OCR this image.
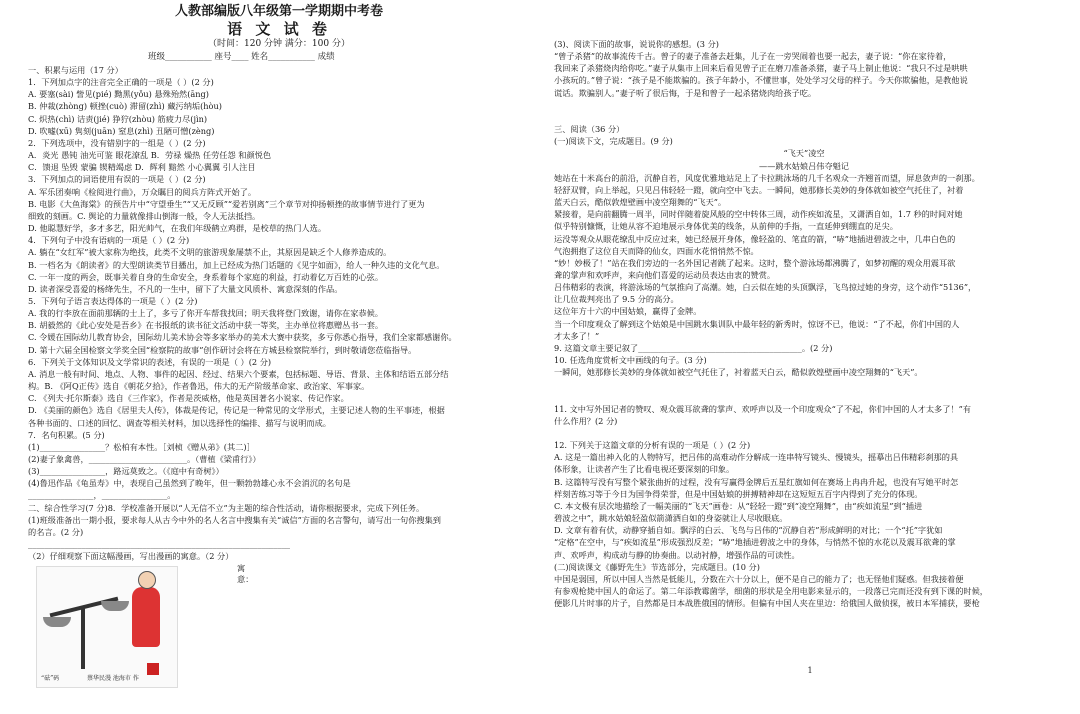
人教部编版八年级第一学期期中考卷

语 文 试 卷

（时间：120 分钟 满分：100 分）

班级___________ 座号____ 姓名___________ 成绩

一、积累与运用（17 分）

1．下列加点字的注音完全正确的一项是（ ）(2 分)

A. 要塞(sài) 訾见(pié) 黝黑(yǒu) 悬殊殆然(āng)

B. 仲裁(zhòng) 顿挫(cuò) 滞留(zhì) 藏污纳垢(hòu)

C. 炽热(chì) 诘责(jié) 狰狞(zhòu) 筋疲力尽(jìn)

D. 吹嘘(xū) 隽刻(juān) 窒息(zhì) 丑陋可憎(zèng)

2．下列选项中，没有错别字的一组是（ ）(2 分)

A．炎光 愚钝 油光可鉴 眼花潦乱 B．劳禄 燥热 任劳任怨 和颜悦色

C．馈退 坠毁 蒙骗 锲精竭虑 D．辉利 黯然 小心翼翼 引人注目

3．下列加点的词语使用有误的一项是（ ）(2 分)

A. 军乐团奏响《检阅进行曲》，万众瞩目的阅兵方阵式开始了。

B. 电影《大鱼海棠》的预告片中“守望垂生”“又无反顾”“爱若别离”三个章节对抑扬顿挫的故事情节进行了更为

细致的刻画。C. 舆论的力量就像排山倒海一般，令人无法抵挡。

D. 他聪慧好学，多才多艺，阳光帅气，在我们年级鹤立鸡群，是校草的热门人选。

4．下列句子中没有语病的一项是（ ）(2 分)

A. 躺在“女红军”被大家称为绝技，此类不文明的旅游现象屡禁不止，其原因是缺乏个人修养造成的。

B. 一档名为《朗读者》的大型朗读类节目播出，加上已经成为热门话题的《见字如面》，给人一种久违的文化气息。

C. 一年一度的两会，既事关着自身的生命安全，身系着每个家庭的利益，打动着亿万百姓的心弦。

D. 读者深受喜爱的杨绛先生，不凡的一生中，留下了大量文风质朴、寓意深刻的作品。

5．下列句子语言表达得体的一项是（ ）(2 分)

A. 我的行李放在面前那辆的士上了，多亏了你开车帮我找回；明天我将登门致谢，请你在家恭候。

B. 胡毅然的《此心安处是吾乡》在书报纸的读书征文活动中获一等奖，主办单位将惠赠丛书一套。

C. 令媛在国际幼儿教育协会，国际幼儿美术协会等多家举办的美术大赛中获奖，多亏你悉心指导，我们全家都感谢你。

D. 第十六届全国检察文学奖全国“检察院的故事”创作研讨会将在方城县检察院举行，到时敬请您莅临指导。

6．下列关于文体知识及文学常识的表述，有误的一项是（ ）(2 分)

A. 消息一般有时间、地点、人物、事件的起因、经过、结果六个要素，包括标题、导语、背景、主体和结语五部分结

构。B. 《阿Q正传》选自《朝花夕拾》，作者鲁迅，伟大的无产阶级革命家、政治家、军事家。

C. 《列夫·托尔斯泰》选自《三作家》，作者是茨威格，他是英国著名小说家、传记作家。

D. 《美丽的颜色》选自《居里夫人传》，体裁是传记，传记是一种常见的文学形式，主要记述人物的生平事迹，根据

各种书面的、口述的回忆、调查等相关材料，加以选择性的编排、描写与说明而成。

7．名句积累。(5 分)

(1)________________？松柏有本性。［刘桢《赠从弟》(其二)］

(2)妻子象禽兽，________________________。（曹植《梁甫行》）

(3)________________，路远莫致之。（《庭中有奇树》）

(4)鲁迅作品《龟虽寿》中，表现自己虽然到了晚年，但一颗勃勃雄心永不会消沉的名句是

________________，________________。

二、综合性学习(7 分)8．学校准备开展以“人无信不立”为主题的综合性活动，请你根据要求，完成下列任务。

(1)班级准备出一期小报，要求每人从古今中外的名人名言中搜集有关“诚信”方面的名言警句，请写出一句你搜集到

的名言。(2 分)

________________________________________________________________

（2）仔细观察下面这幅漫画，写出漫画的寓意。（2 分）

寓意：
“砝”码	蔡华民漫 池海市 作

(3)、阅读下面的故事，说说你的感想。(3 分)

“曾子杀猪”的故事流传千古。曾子的妻子准备去赶集，儿子在一旁哭闹着也要一起去，妻子说：“你在家待着，

我回来了杀猪烧肉给你吃。”妻子从集市上回来后看见曾子正在磨刀准备杀猪，妻子马上制止他说：“我只不过是哄哄

小孩玩的。”曾子说：“孩子是不能欺骗的。孩子年龄小，不懂世事，处处学习父母的样子。今天你欺骗他，是教他说

谎话。欺骗别人。”妻子听了很后悔，于是和曾子一起杀猪烧肉给孩子吃。

三、阅读（36 分）

(一)阅读下文，完成题目。(9 分)

“飞天”凌空

——跳水姑娘吕伟夺魁记

她站在十米高台的前沿，沉静自若，风度优雅地站足上了卡拉跳泳场的几千名观众一齐翘首而望，屏息敛声的一刹那。

轻舒双臂，向上举起，只见吕伟轻轻一蹬，就向空中飞去。一瞬间，她那修长美妙的身体就如被空气托住了，衬着

蓝天白云，酷似敦煌壁画中凌空翔舞的“飞天”。

紧接着，是向前翻腾一周半，同时伴随着旋风般的空中转体三周，动作疾如流星，又潇洒自如，1.7 秒的时间对她

似乎特别慷慨，让她从容不迫地展示身体优美的线条，从前伸的手指，一直延伸到绷直的足尖。

运没等观众从眼花缭乱中反应过来，她已经展开身体，像轻盈的、笔直的箭，“哧”地插进碧波之中，几串白色的

气泡拥抱了这位自天而降的仙女，四面水花悄悄然不惊。

“妙！妙极了！”站在我们旁边的一名外国记者跳了起来。这时，整个游泳场都沸腾了，如梦初醒的观众用震耳欲

聋的掌声和欢呼声，来向他们喜爱的运动员表达由衷的赞赏。

吕伟精彩的表演，将游泳场的气氛推向了高潮。她，白云似在她的头顶飘浮，飞鸟掠过她的身旁，这个动作“5136”，

让几位裁判亮出了 9.5 分的高分。

这位年方十六的中国姑娘，赢得了金牌。

当一个印度观众了解到这个姑娘是中国跳水集训队中最年轻的新秀时，惊讶不已，他说：“了不起，你们中国的人

才太多了！”

9. 这篇文章主要记叙了________________________________________。(2 分)

10. 任选角度赏析文中画线的句子。(3 分)

一瞬间，她那修长美妙的身体就如被空气托住了，衬着蓝天白云，酷似敦煌壁画中凌空翔舞的“飞天”。

11. 文中写外国记者的赞叹、观众震耳欲聋的掌声、欢呼声以及一个印度观众“了不起，你们中国的人才太多了！”有

什么作用？(2 分)

12. 下列关于这篇文章的分析有误的一项是（ ）(2 分)

A. 这是一篇出神入化的人物特写，把吕伟的高难动作分解成一连串特写镜头、慢镜头，摇摹出吕伟精彩刹那的具

体形象，让读者产生了比看电视还要深刻的印象。

B. 这篇特写没有写整个紧张曲折的过程，没有写赢得金牌后五星红旗如何在赛场上冉冉升起，也没有写她平时怎

样刻苦练习等于今日为国争得荣誉，但是中国姑娘的拼搏精神却在这短短五百字内得到了充分的体现。

C. 本文极有层次地描绘了一幅美丽的“飞天”画卷：从“轻轻一蹬”到“凌空翔舞”，由“疾如流星”到“插进

碧波之中”，跳水姑娘轻盈似箭潇洒自如的身姿就让人尽收眼底。

D. 文章有着有伏，动静穿插自如。飘浮的白云、飞鸟与吕伟的“沉静自若”形成鲜明的对比；一个“托”字犹如

“定格”在空中，与“疾如流星”形成强烈反差；“哧”地插进碧波之中的身体，与悄然不惊的水花以及震耳欲聋的掌

声、欢呼声，构成动与静的协奏曲。以动衬静，增强作品的可读性。

(二)阅读课文《藤野先生》节选部分，完成题目。(10 分)

中国是弱国，所以中国人当然是低能儿，分数在六十分以上，便不是自己的能力了；也无怪他们疑惑。但我接着便

有参观枪毙中国人的命运了。第二年添教霉菌学，细菌的形状是全用电影来显示的，一段落已完而还没有到下课的时候，

便影几片时事的片子，自然都是日本战胜俄国的情形。但偏有中国人夹在里边：给俄国人做侦探，被日本军捕获，要枪

1
